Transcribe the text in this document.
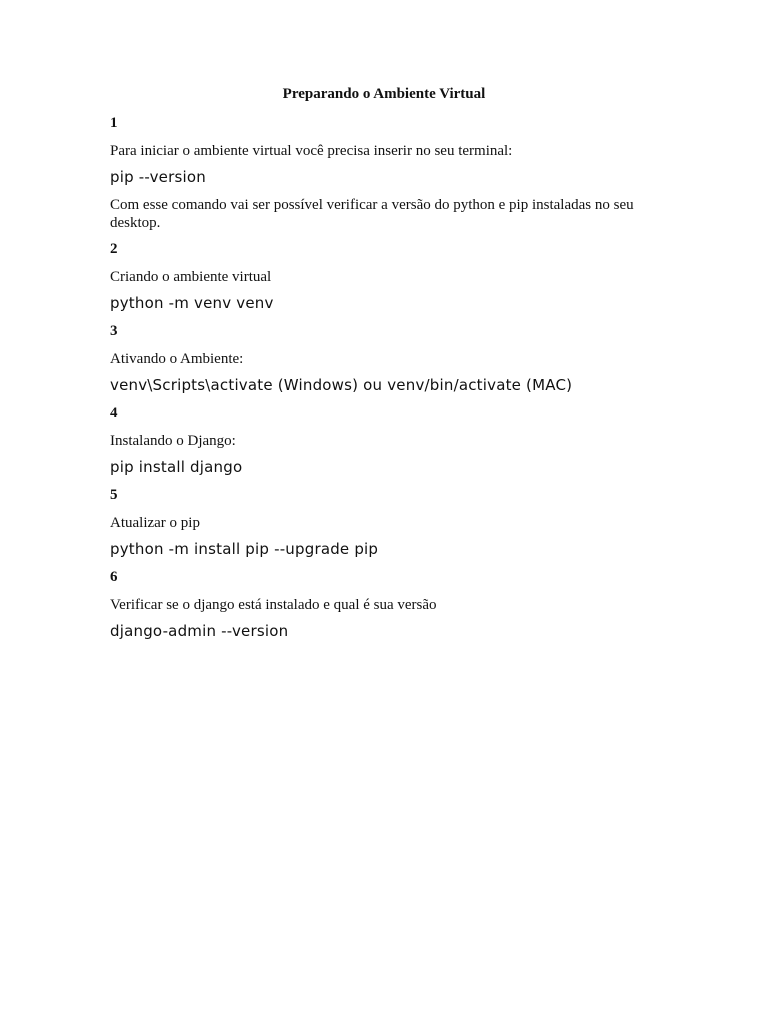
Preparando o Ambiente Virtual
1
Para iniciar o ambiente virtual você precisa inserir no seu terminal:
pip --version
Com esse comando vai ser possível verificar a versão do python e pip instaladas no seu desktop.
2
Criando o ambiente virtual
python -m venv venv
3
Ativando o Ambiente:
venv\Scripts\activate (Windows) ou venv/bin/activate (MAC)
4
Instalando o Django:
pip install django
5
Atualizar o pip
python -m install pip --upgrade pip
6
Verificar se o django está instalado e qual é sua versão
django-admin --version
